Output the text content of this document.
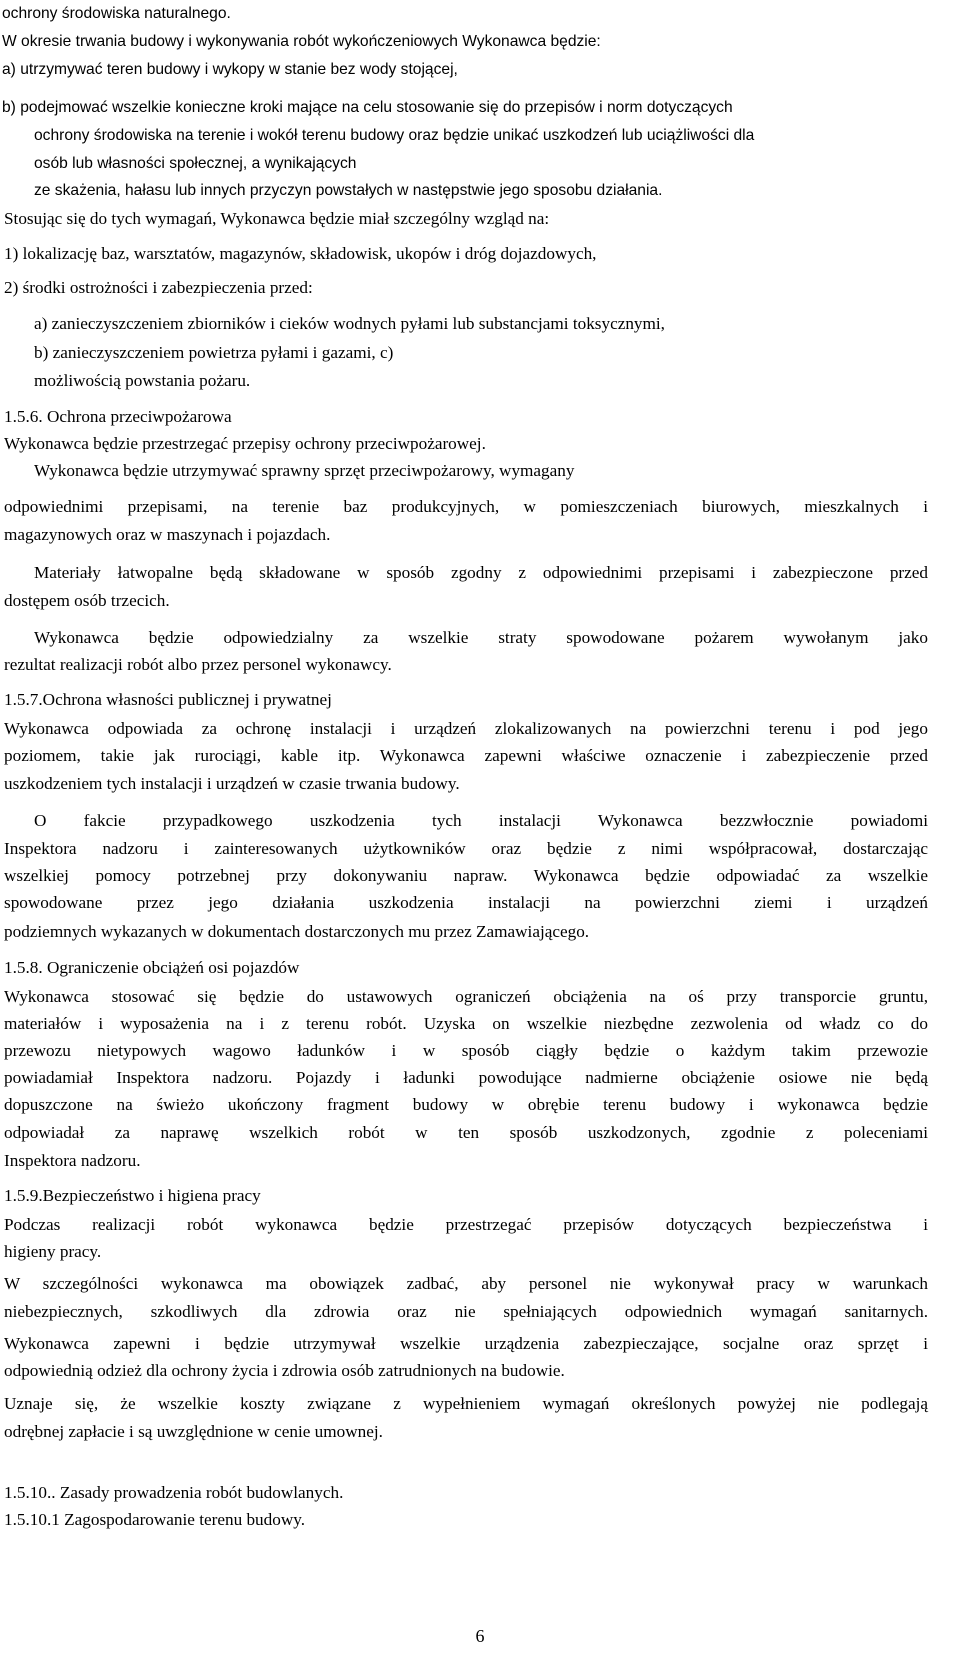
ochrony środowiska naturalnego.

W okresie trwania budowy i wykonywania robót wykończeniowych Wykonawca będzie:

a) utrzymywać teren budowy i wykopy w stanie bez wody stojącej,

b) podejmować wszelkie konieczne kroki mające na celu stosowanie się do przepisów i norm dotyczących

ochrony środowiska na terenie i wokół terenu budowy oraz będzie unikać uszkodzeń lub uciążliwości dla

osób lub własności społecznej, a wynikających

ze skażenia, hałasu lub innych przyczyn powstałych w następstwie jego sposobu działania.

Stosując się do tych wymagań, Wykonawca będzie miał szczególny wzgląd na:

1) lokalizację baz, warsztatów, magazynów, składowisk, ukopów i dróg dojazdowych,

2) środki ostrożności i zabezpieczenia przed:

a) zanieczyszczeniem zbiorników i cieków wodnych pyłami lub substancjami toksycznymi,

b) zanieczyszczeniem powietrza pyłami i gazami, c)

możliwością powstania pożaru.

1.5.6. Ochrona przeciwpożarowa

Wykonawca będzie przestrzegać przepisy ochrony przeciwpożarowej.

Wykonawca będzie utrzymywać sprawny sprzęt przeciwpożarowy, wymagany

odpowiednimi przepisami, na terenie baz produkcyjnych, w pomieszczeniach biurowych, mieszkalnych i

magazynowych oraz w maszynach i pojazdach.

Materiały łatwopalne będą składowane w sposób zgodny z odpowiednimi przepisami i zabezpieczone przed

dostępem osób trzecich.

Wykonawca będzie odpowiedzialny za wszelkie straty spowodowane pożarem wywołanym jako

rezultat realizacji robót albo przez personel wykonawcy.

1.5.7.Ochrona własności publicznej i prywatnej

Wykonawca odpowiada za ochronę instalacji i urządzeń zlokalizowanych na powierzchni terenu i pod jego

poziomem, takie jak rurociągi, kable itp. Wykonawca zapewni właściwe oznaczenie i zabezpieczenie przed

uszkodzeniem tych instalacji i urządzeń w czasie trwania budowy.

O fakcie przypadkowego uszkodzenia tych instalacji Wykonawca bezzwłocznie powiadomi

Inspektora nadzoru i zainteresowanych użytkowników oraz będzie z nimi współpracował, dostarczając

wszelkiej pomocy potrzebnej przy dokonywaniu napraw. Wykonawca będzie odpowiadać za wszelkie

spowodowane przez jego działania uszkodzenia instalacji na powierzchni ziemi i urządzeń

podziemnych wykazanych w dokumentach dostarczonych mu przez Zamawiającego.

1.5.8. Ograniczenie obciążeń osi pojazdów

Wykonawca stosować się będzie do ustawowych ograniczeń obciążenia na oś przy transporcie gruntu,

materiałów i wyposażenia na i z terenu robót. Uzyska on wszelkie niezbędne zezwolenia od władz co do

przewozu nietypowych wagowo ładunków i w sposób ciągły będzie o każdym takim przewozie

powiadamiał Inspektora nadzoru. Pojazdy i ładunki powodujące nadmierne obciążenie osiowe nie będą

dopuszczone na świeżo ukończony fragment budowy w obrębie terenu budowy i wykonawca będzie

odpowiadał za naprawę wszelkich robót w ten sposób uszkodzonych, zgodnie z poleceniami

Inspektora nadzoru.

1.5.9.Bezpieczeństwo i higiena pracy

Podczas realizacji robót wykonawca będzie przestrzegać przepisów dotyczących bezpieczeństwa i

higieny pracy.

W szczególności wykonawca ma obowiązek zadbać, aby personel nie wykonywał pracy w warunkach

niebezpiecznych, szkodliwych dla zdrowia oraz nie spełniających odpowiednich wymagań sanitarnych.

Wykonawca zapewni i będzie utrzymywał wszelkie urządzenia zabezpieczające, socjalne oraz sprzęt i

odpowiednią odzież dla ochrony życia i zdrowia osób zatrudnionych na budowie.

Uznaje się, że wszelkie koszty związane z wypełnieniem wymagań określonych powyżej nie podlegają

odrębnej zapłacie i są uwzględnione w cenie umownej.

1.5.10.. Zasady prowadzenia robót budowlanych.

1.5.10.1 Zagospodarowanie terenu budowy.

6
